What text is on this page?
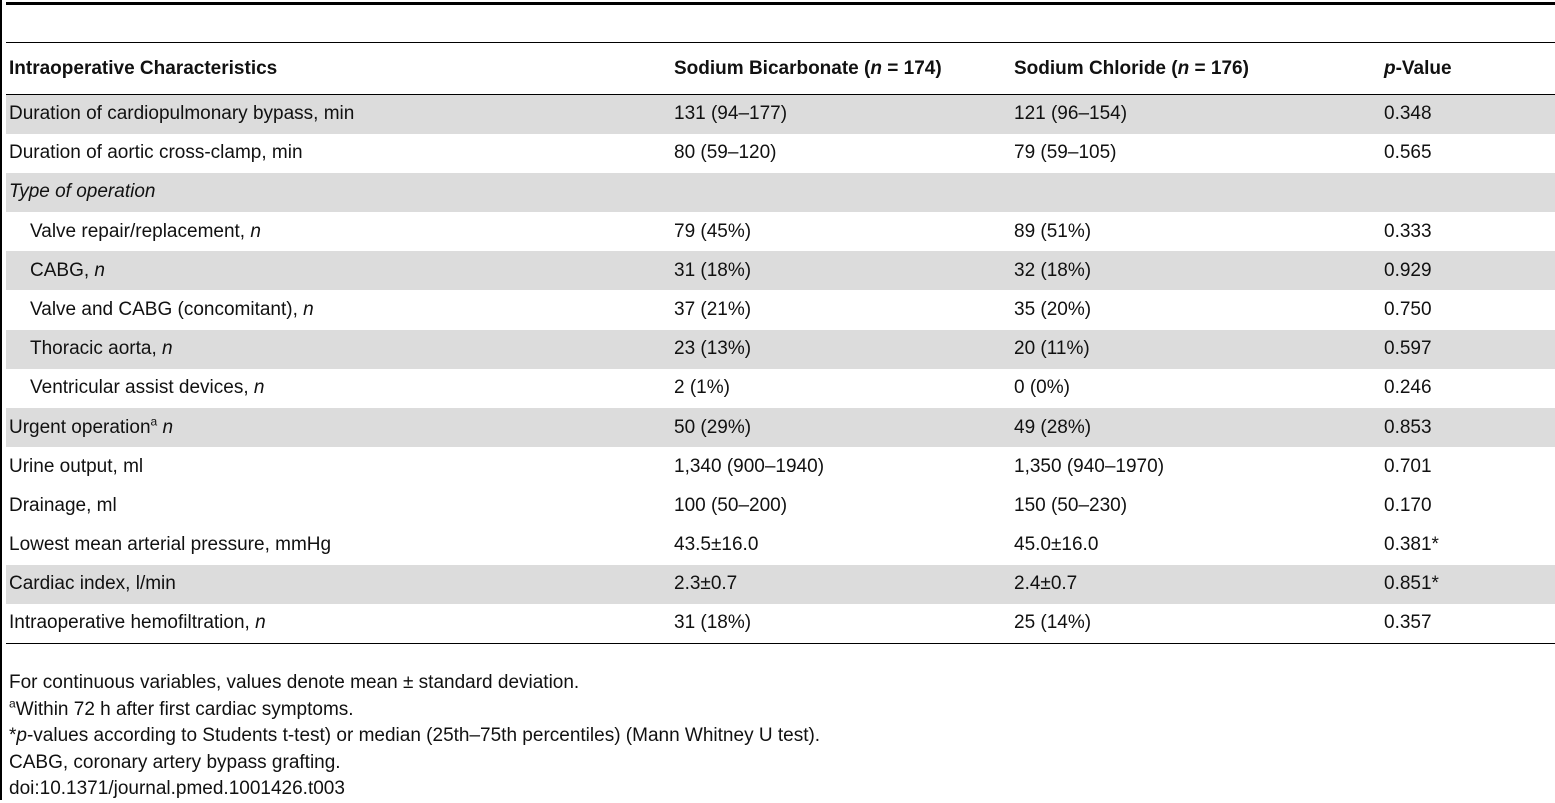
Intraoperative Characteristics	Sodium Bicarbonate (n = 174)	Sodium Chloride (n = 176)	p-Value
Duration of cardiopulmonary bypass, min	131 (94–177)	121 (96–154)	0.348
Duration of aortic cross-clamp, min	80 (59–120)	79 (59–105)	0.565
Type of operation			
Valve repair/replacement, n	79 (45%)	89 (51%)	0.333
CABG, n	31 (18%)	32 (18%)	0.929
Valve and CABG (concomitant), n	37 (21%)	35 (20%)	0.750
Thoracic aorta, n	23 (13%)	20 (11%)	0.597
Ventricular assist devices, n	2 (1%)	0 (0%)	0.246
Urgent operation$^a$ n	50 (29%)	49 (28%)	0.853
Urine output, ml	1,340 (900–1940)	1,350 (940–1970)	0.701
Drainage, ml	100 (50–200)	150 (50–230)	0.170
Lowest mean arterial pressure, mmHg	43.5±16.0	45.0±16.0	0.381*
Cardiac index, l/min	2.3±0.7	2.4±0.7	0.851*
Intraoperative hemofiltration, n	31 (18%)	25 (14%)	0.357
For continuous variables, values denote mean ± standard deviation.
$^a$Within 72 h after first cardiac symptoms.
*p-values according to Students t-test) or median (25th–75th percentiles) (Mann Whitney U test).
CABG, coronary artery bypass grafting.
doi:10.1371/journal.pmed.1001426.t003
